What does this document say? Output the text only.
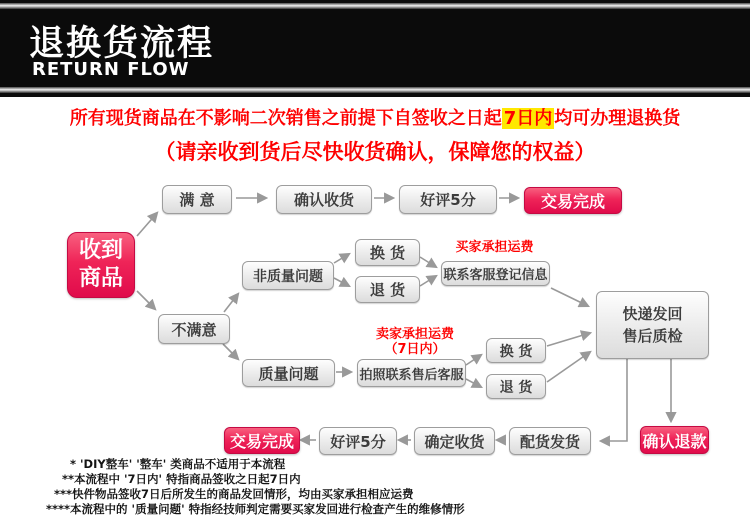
退换货流程
RETURN FLOW
所有现货商品在不影响二次销售之前提下自签收之日起 7日内 均可办理退换货
（请亲收到货后尽快收货确认，保障您的权益）
收到
商品
满 意	确认收货	好评5分	交易完成
非质量问题
换 货
退 货
买家承担运费
联系客服登记信息
不满意
质量问题
卖家承担运费
（7日内）
拍照联系售后客服
换 货
退 货
快递发回
售后质检
交易完成	好评5分	确定收货	配货发货	确认退款
* 'DIY整车' '整车' 类商品不适用于本流程
**本流程中 '7日内' 特指商品签收之日起7日内
***快件物品签收7日后所发生的商品发回情形，均由买家承担相应运费
****本流程中的 '质量问题' 特指经技师判定需要买家发回进行检查产生的维修情形
